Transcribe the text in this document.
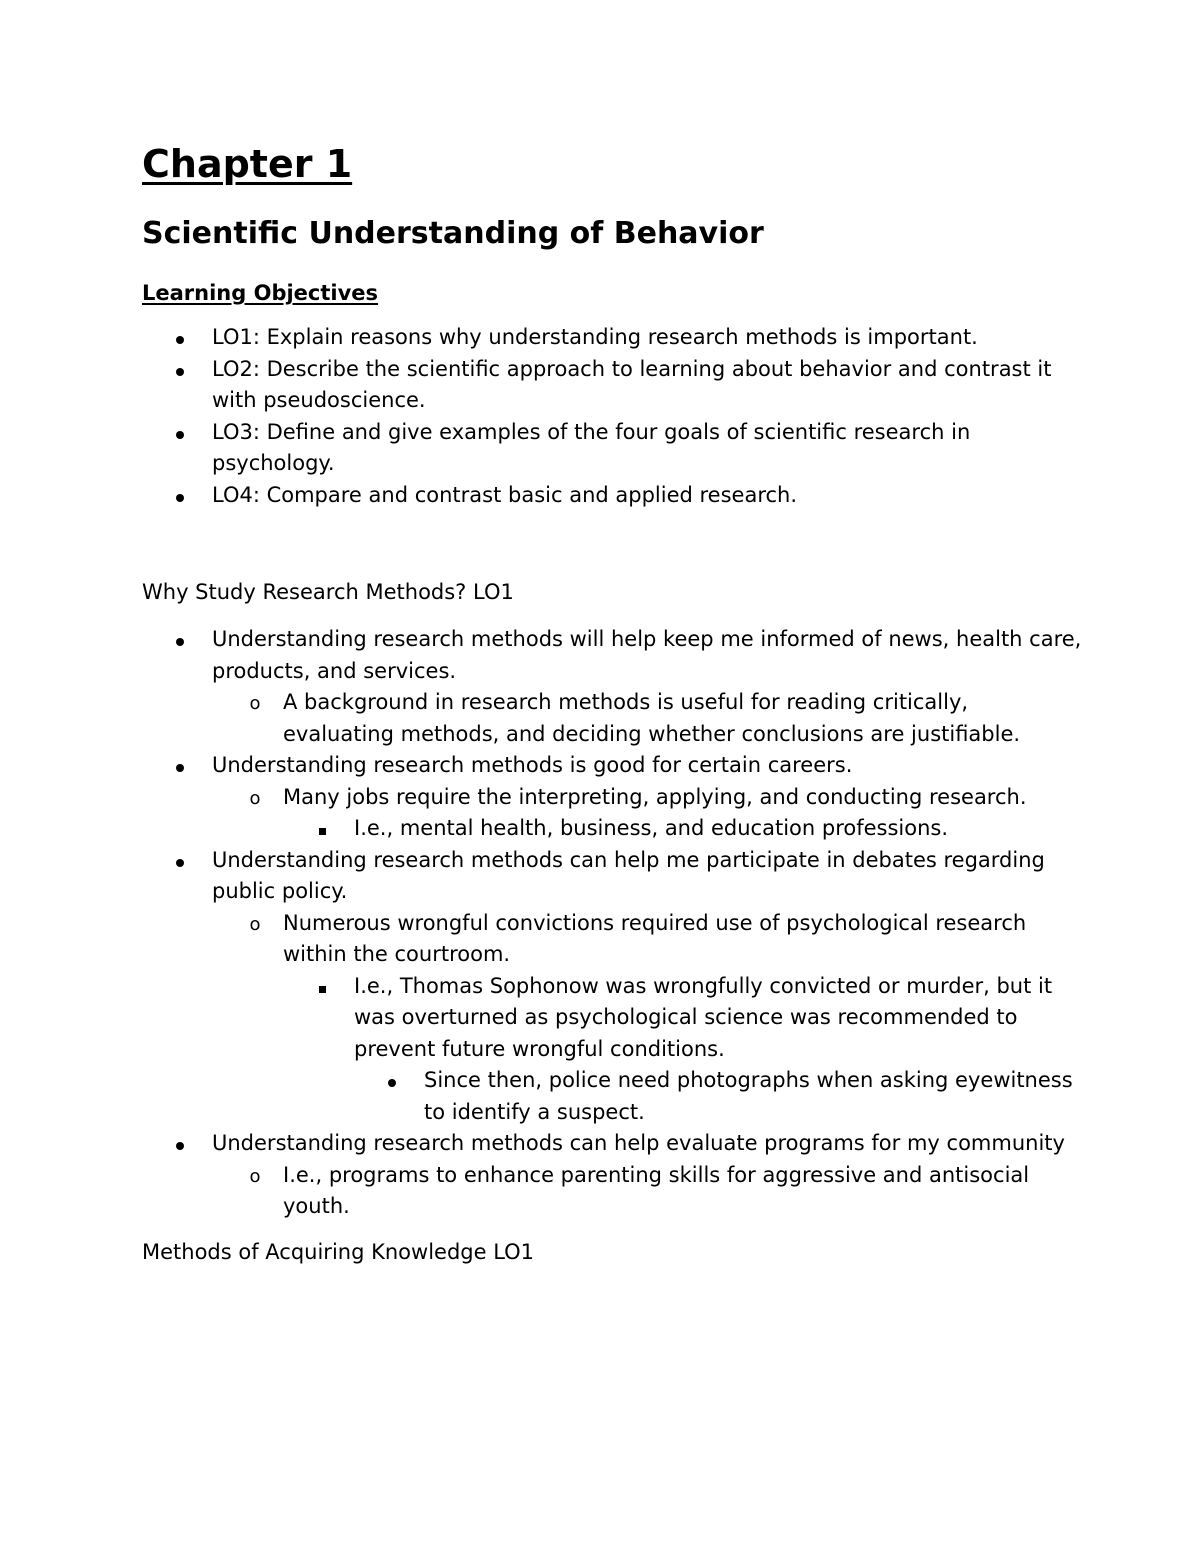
Chapter 1
Scientific Understanding of Behavior
Learning Objectives
LO1: Explain reasons why understanding research methods is important.
LO2: Describe the scientific approach to learning about behavior and contrast it with pseudoscience.
LO3: Define and give examples of the four goals of scientific research in psychology.
LO4: Compare and contrast basic and applied research.
Why Study Research Methods? LO1
Understanding research methods will help keep me informed of news, health care, products, and services.
o A background in research methods is useful for reading critically, evaluating methods, and deciding whether conclusions are justifiable.
Understanding research methods is good for certain careers.
o Many jobs require the interpreting, applying, and conducting research.
I.e., mental health, business, and education professions.
Understanding research methods can help me participate in debates regarding public policy.
o Numerous wrongful convictions required use of psychological research within the courtroom.
I.e., Thomas Sophonow was wrongfully convicted or murder, but it was overturned as psychological science was recommended to prevent future wrongful conditions.
Since then, police need photographs when asking eyewitness to identify a suspect.
Understanding research methods can help evaluate programs for my community
o I.e., programs to enhance parenting skills for aggressive and antisocial youth.
Methods of Acquiring Knowledge LO1
